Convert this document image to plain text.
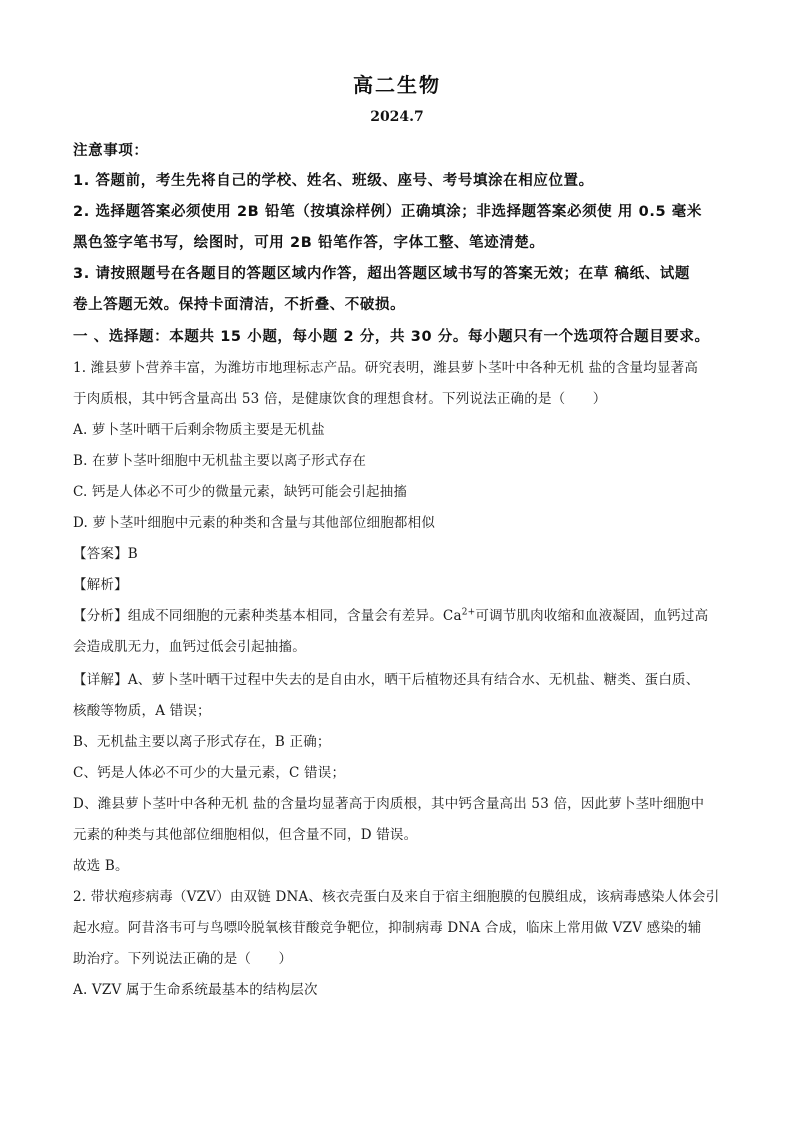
高二生物
2024.7
注意事项：
1. 答题前，考生先将自己的学校、姓名、班级、座号、考号填涂在相应位置。
2. 选择题答案必须使用 2B 铅笔（按填涂样例）正确填涂；非选择题答案必须使 用 0.5 毫米
黑色签字笔书写，绘图时，可用 2B 铅笔作答，字体工整、笔迹清楚。
3. 请按照题号在各题目的答题区域内作答，超出答题区域书写的答案无效；在草 稿纸、试题
卷上答题无效。保持卡面清洁，不折叠、不破损。
一 、选择题：本题共 15 小题，每小题 2 分，共 30 分。每小题只有一个选项符合题目要求。
1. 潍县萝卜营养丰富，为潍坊市地理标志产品。研究表明，潍县萝卜茎叶中各种无机 盐的含量均显著高
于肉质根，其中钙含量高出 53 倍，是健康饮食的理想食材。下列说法正确的是（　　）
A. 萝卜茎叶晒干后剩余物质主要是无机盐
B. 在萝卜茎叶细胞中无机盐主要以离子形式存在
C. 钙是人体必不可少的微量元素，缺钙可能会引起抽搐
D. 萝卜茎叶细胞中元素的种类和含量与其他部位细胞都相似
【答案】B
【解析】
【分析】组成不同细胞的元素种类基本相同，含量会有差异。$Ca^{2+}$可调节肌肉收缩和血液凝固，血钙过高
会造成肌无力，血钙过低会引起抽搐。
【详解】A、萝卜茎叶晒干过程中失去的是自由水，晒干后植物还具有结合水、无机盐、糖类、蛋白质、
核酸等物质，A 错误；
B、无机盐主要以离子形式存在，B 正确；
C、钙是人体必不可少的大量元素，C 错误；
D、潍县萝卜茎叶中各种无机 盐的含量均显著高于肉质根，其中钙含量高出 53 倍，因此萝卜茎叶细胞中
元素的种类与其他部位细胞相似，但含量不同，D 错误。
故选 B。
2. 带状疱疹病毒（VZV）由双链 DNA、核衣壳蛋白及来自于宿主细胞膜的包膜组成，该病毒感染人体会引
起水痘。阿昔洛韦可与鸟嘌呤脱氧核苷酸竞争靶位，抑制病毒 DNA 合成，临床上常用做 VZV 感染的辅
助治疗。下列说法正确的是（　　）
A. VZV 属于生命系统最基本的结构层次
